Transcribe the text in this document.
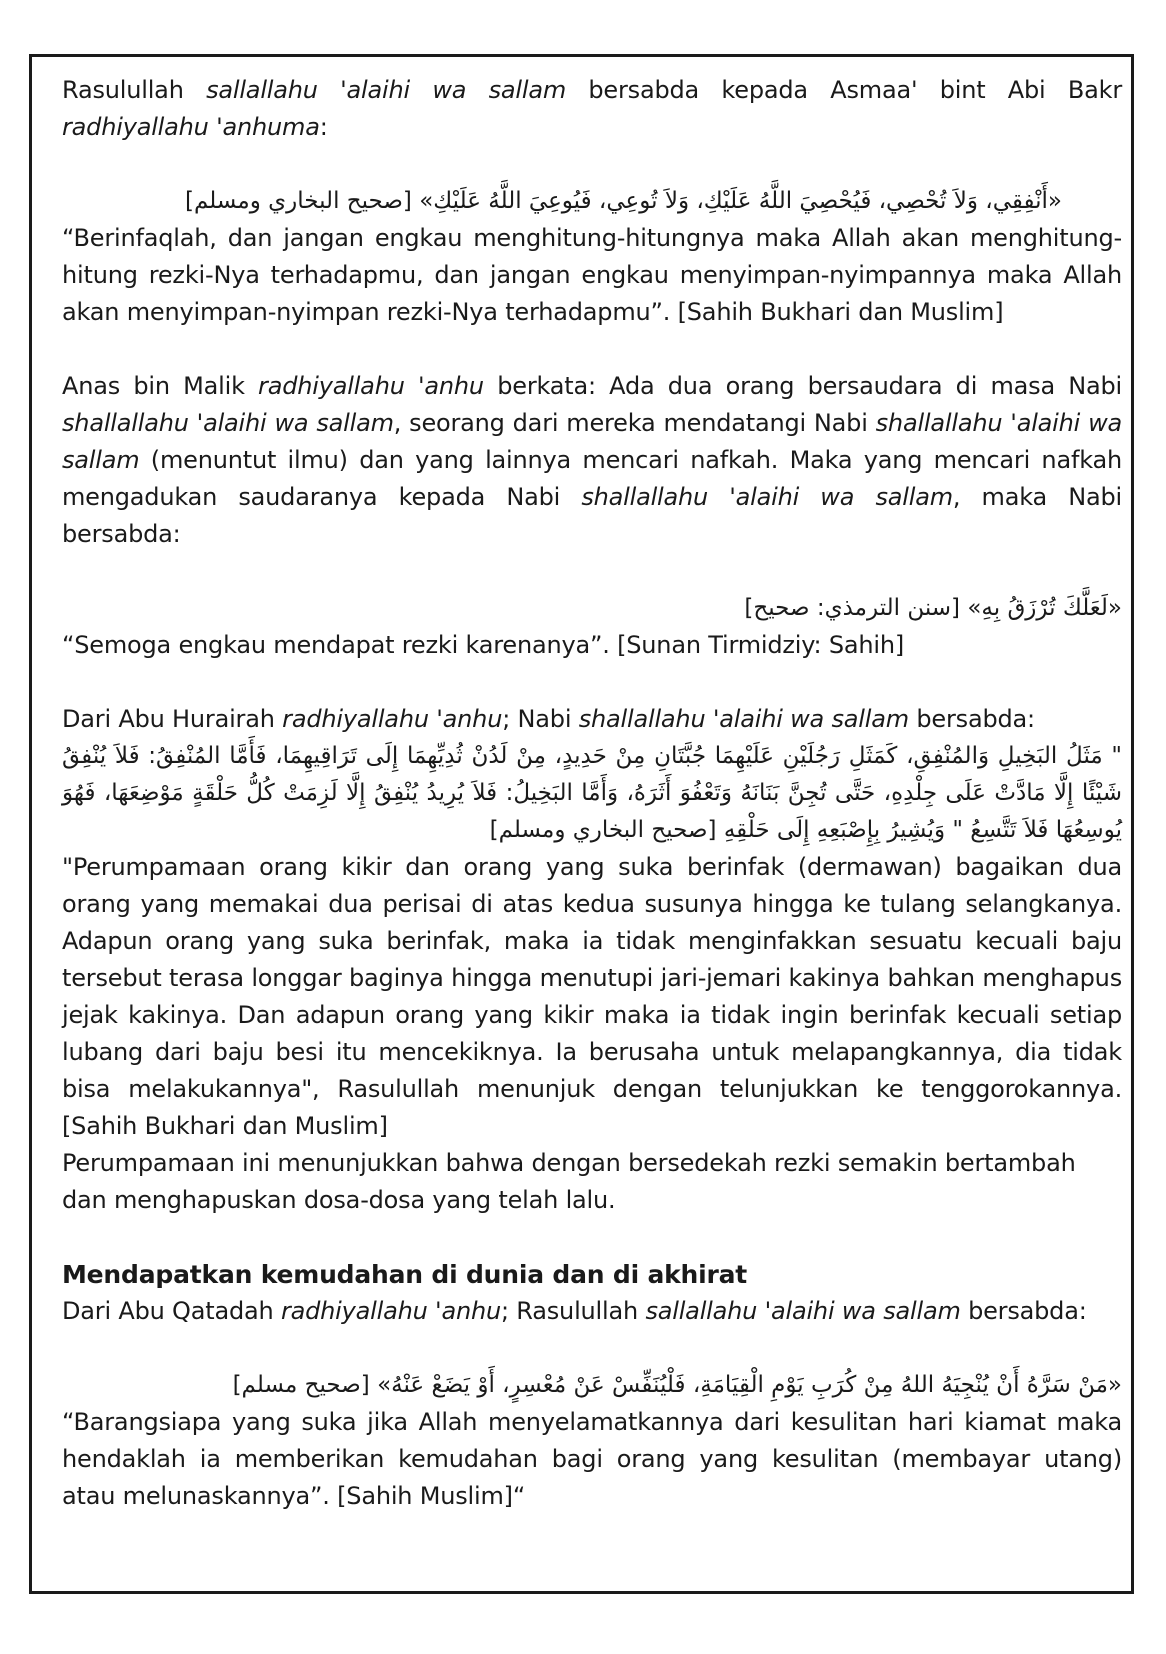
Rasulullah sallallahu 'alaihi wa sallam bersabda kepada Asmaa' bint Abi Bakr radhiyallahu 'anhuma:

«أَنْفِقِي، وَلاَ تُحْصِي، فَيُحْصِيَ اللَّهُ عَلَيْكِ، وَلاَ تُوعِي، فَيُوعِيَ اللَّهُ عَلَيْكِ» [صحيح البخاري ومسلم]

“Berinfaqlah, dan jangan engkau menghitung-hitungnya maka Allah akan menghitung-hitung rezki-Nya terhadapmu, dan jangan engkau menyimpan-nyimpannya maka Allah akan menyimpan-nyimpan rezki-Nya terhadapmu”. [Sahih Bukhari dan Muslim]

Anas bin Malik radhiyallahu 'anhu berkata: Ada dua orang bersaudara di masa Nabi shallallahu 'alaihi wa sallam, seorang dari mereka mendatangi Nabi shallallahu 'alaihi wa sallam (menuntut ilmu) dan yang lainnya mencari nafkah. Maka yang mencari nafkah mengadukan saudaranya kepada Nabi shallallahu 'alaihi wa sallam, maka Nabi bersabda:

«لَعَلَّكَ تُرْزَقُ بِهِ» [سنن الترمذي: صحيح]

“Semoga engkau mendapat rezki karenanya”. [Sunan Tirmidziy: Sahih]

Dari Abu Hurairah radhiyallahu 'anhu; Nabi shallallahu 'alaihi wa sallam bersabda:

" مَثَلُ البَخِيلِ وَالمُنْفِقِ، كَمَثَلِ رَجُلَيْنِ عَلَيْهِمَا جُبَّتَانِ مِنْ حَدِيدٍ، مِنْ لَدُنْ ثُدِيِّهِمَا إِلَى تَرَاقِيهِمَا، فَأَمَّا المُنْفِقُ: فَلاَ يُنْفِقُ شَيْئًا إِلَّا مَادَّتْ عَلَى جِلْدِهِ، حَتَّى تُجِنَّ بَنَانَهُ وَتَعْفُوَ أَثَرَهُ، وَأَمَّا البَخِيلُ: فَلاَ يُرِيدُ يُنْفِقُ إِلَّا لَزِمَتْ كُلُّ حَلْقَةٍ مَوْضِعَهَا، فَهُوَ يُوسِعُهَا فَلاَ تَتَّسِعُ " وَيُشِيرُ بِإِصْبَعِهِ إِلَى حَلْقِهِ [صحيح البخاري ومسلم]

"Perumpamaan orang kikir dan orang yang suka berinfak (dermawan) bagaikan dua orang yang memakai dua perisai di atas kedua susunya hingga ke tulang selangkanya. Adapun orang yang suka berinfak, maka ia tidak menginfakkan sesuatu kecuali baju tersebut terasa longgar baginya hingga menutupi jari-jemari kakinya bahkan menghapus jejak kakinya. Dan adapun orang yang kikir maka ia tidak ingin berinfak kecuali setiap lubang dari baju besi itu mencekiknya. Ia berusaha untuk melapangkannya, dia tidak bisa melakukannya", Rasulullah menunjuk dengan telunjukkan ke tenggorokannya. [Sahih Bukhari dan Muslim]

Perumpamaan ini menunjukkan bahwa dengan bersedekah rezki semakin bertambah dan menghapuskan dosa-dosa yang telah lalu.

Mendapatkan kemudahan di dunia dan di akhirat

Dari Abu Qatadah radhiyallahu 'anhu; Rasulullah sallallahu 'alaihi wa sallam bersabda:

«مَنْ سَرَّهُ أَنْ يُنْجِيَهُ اللهُ مِنْ كُرَبِ يَوْمِ الْقِيَامَةِ، فَلْيُنَفِّسْ عَنْ مُعْسِرٍ، أَوْ يَضَعْ عَنْهُ» [صحيح مسلم]

“Barangsiapa yang suka jika Allah menyelamatkannya dari kesulitan hari kiamat maka hendaklah ia memberikan kemudahan bagi orang yang kesulitan (membayar utang) atau melunaskannya”. [Sahih Muslim]“
